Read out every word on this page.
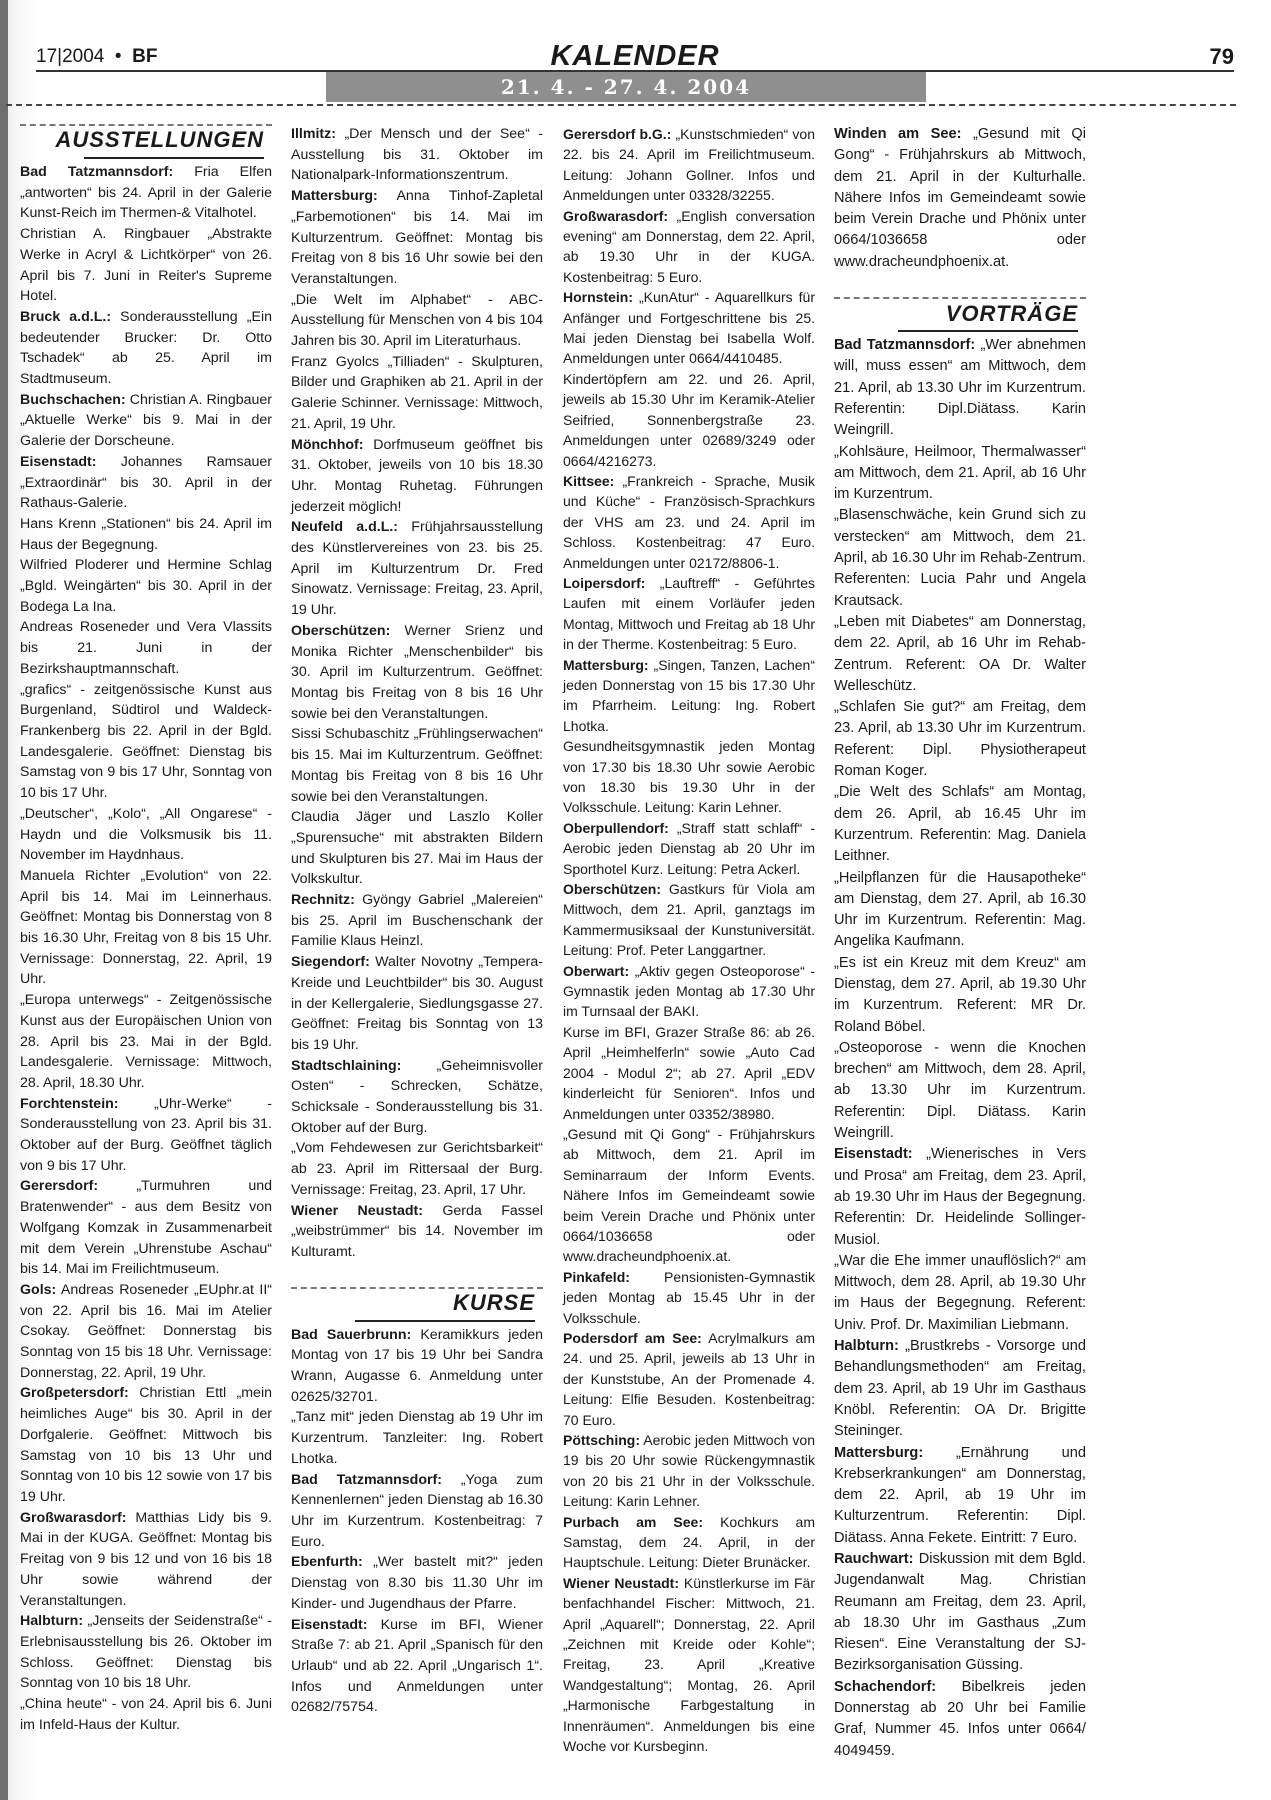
17|2004  •  BF	KALENDER	79
21. 4. - 27. 4. 2004
AUSSTELLUNGEN

Bad Tatzmannsdorf: Fria Elfen „antworten“ bis 24. April in der Galerie Kunst-Reich im Thermen-& Vitalhotel.

Christian A. Ringbauer „Abstrakte Werke in Acryl & Lichtkörper“ von 26. April bis 7. Juni in Reiter's Supreme Hotel.

Bruck a.d.L.: Sonderausstellung „Ein bedeutender Brucker: Dr. Otto Tschadek“ ab 25. April im Stadtmuseum.

Buchschachen: Christian A. Ringbauer „Aktuelle Werke“ bis 9. Mai in der Galerie der Dorscheune.

Eisenstadt: Johannes Ramsauer „Extraordinär“ bis 30. April in der Rathaus-Galerie.

Hans Krenn „Stationen“ bis 24. April im Haus der Begegnung.

Wilfried Ploderer und Hermine Schlag „Bgld. Weingärten“ bis 30. April in der Bodega La Ina.

Andreas Roseneder und Vera Vlassits bis 21. Juni in der Bezirkshauptmannschaft.

„grafics“ - zeitgenössische Kunst aus Burgenland, Südtirol und Waldeck-Frankenberg bis 22. April in der Bgld. Landesgalerie. Geöffnet: Dienstag bis Samstag von 9 bis 17 Uhr, Sonntag von 10 bis 17 Uhr.

„Deutscher“, „Kolo“, „All Ongarese“ - Haydn und die Volksmusik bis 11. November im Haydnhaus.

Manuela Richter „Evolution“ von 22. April bis 14. Mai im Leinnerhaus. Geöffnet: Montag bis Donnerstag von 8 bis 16.30 Uhr, Freitag von 8 bis 15 Uhr. Vernissage: Donnerstag, 22. April, 19 Uhr.

„Europa unterwegs“ - Zeitgenössische Kunst aus der Europäischen Union von 28. April bis 23. Mai in der Bgld. Landesgalerie. Vernissage: Mittwoch, 28. April, 18.30 Uhr.

Forchtenstein: „Uhr-Werke“ - Sonderausstellung von 23. April bis 31. Oktober auf der Burg. Geöffnet täglich von 9 bis 17 Uhr.

Gerersdorf:	„Turmuhren und Bratenwender“ - aus dem Besitz von Wolfgang Komzak in Zusammenarbeit mit dem Verein „Uhrenstube Aschau“ bis 14. Mai im Freilichtmuseum.

Gols: Andreas Roseneder „EUphr.at II“ von 22. April bis 16. Mai im Atelier Csokay. Geöffnet: Donnerstag bis Sonntag von 15 bis 18 Uhr. Vernissage: Donnerstag, 22. April, 19 Uhr.

Großpetersdorf: Christian Ettl „mein heimliches Auge“ bis 30. April in der Dorfgalerie. Geöffnet: Mittwoch bis Samstag von 10 bis 13 Uhr und Sonntag von 10 bis 12 sowie von 17 bis 19 Uhr.

Großwarasdorf: Matthias Lidy bis 9. Mai in der KUGA. Geöffnet: Montag bis Freitag von 9 bis 12 und von 16 bis 18 Uhr sowie während der Veranstaltungen.

Halbturn: „Jenseits der Seidenstraße“ - Erlebnisausstellung bis 26. Oktober im Schloss. Geöffnet: Dienstag bis Sonntag von 10 bis 18 Uhr.

„China heute“ - von 24. April bis 6. Juni im Infeld-Haus der Kultur.

Illmitz: „Der Mensch und der See“ - Ausstellung bis 31. Oktober im Nationalpark-Informationszentrum.

Mattersburg: Anna Tinhof-Zapletal „Farbemotionen“ bis 14. Mai im Kulturzentrum. Geöffnet: Montag bis Freitag von 8 bis 16 Uhr sowie bei den Veranstaltungen.

„Die Welt im Alphabet“ - ABC-Ausstellung für Menschen von 4 bis 104 Jahren bis 30. April im Literaturhaus.

Franz Gyolcs „Tilliaden“ - Skulpturen, Bilder und Graphiken ab 21. April in der Galerie Schinner. Vernissage: Mittwoch, 21. April, 19 Uhr.

Mönchhof: Dorfmuseum geöffnet bis 31. Oktober, jeweils von 10 bis 18.30 Uhr. Montag Ruhetag. Führungen jederzeit möglich!

Neufeld a.d.L.: Frühjahrsausstellung des Künstlervereines von 23. bis 25. April im Kulturzentrum Dr. Fred Sinowatz. Vernissage: Freitag, 23. April, 19 Uhr.

Oberschützen: Werner Srienz und Monika Richter „Menschenbilder“ bis 30. April im Kulturzentrum. Geöffnet: Montag bis Freitag von 8 bis 16 Uhr sowie bei den Veranstaltungen.

Sissi Schubaschitz „Frühlingserwachen“ bis 15. Mai im Kulturzentrum. Geöffnet: Montag bis Freitag von 8 bis 16 Uhr sowie bei den Veranstaltungen.

Claudia Jäger und Laszlo Koller „Spurensuche“ mit abstrakten Bildern und Skulpturen bis 27. Mai im Haus der Volkskultur.

Rechnitz: Gyöngy Gabriel „Malereien“ bis 25. April im Buschenschank der Familie Klaus Heinzl.

Siegendorf: Walter Novotny „Tempera-Kreide und Leuchtbilder“ bis 30. August in der Kellergalerie, Siedlungsgasse 27. Geöffnet: Freitag bis Sonntag von 13 bis 19 Uhr.

Stadtschlaining: „Geheimnisvoller Osten“ - Schrecken, Schätze, Schicksale - Sonderausstellung bis 31. Oktober auf der Burg.

„Vom Fehdewesen zur Gerichtsbarkeit“ ab 23. April im Rittersaal der Burg. Vernissage: Freitag, 23. April, 17 Uhr.

Wiener Neustadt: Gerda Fassel „weibstrümmer“ bis 14. November im Kulturamt.

KURSE

Bad Sauerbrunn: Keramikkurs jeden Montag von 17 bis 19 Uhr bei Sandra Wrann, Augasse 6. Anmeldung unter 02625/32701.

„Tanz mit“ jeden Dienstag ab 19 Uhr im Kurzentrum. Tanzleiter: Ing. Robert Lhotka.

Bad Tatzmannsdorf: „Yoga zum Kennenlernen“ jeden Dienstag ab 16.30 Uhr im Kurzentrum. Kostenbeitrag: 7 Euro.

Ebenfurth: „Wer bastelt mit?“ jeden Dienstag von 8.30 bis 11.30 Uhr im Kinder- und Jugendhaus der Pfarre.

Eisenstadt: Kurse im BFI, Wiener Straße 7: ab 21. April „Spanisch für den Urlaub“ und ab 22. April „Ungarisch 1“. Infos und Anmeldungen unter 02682/75754.

Gerersdorf b.G.: „Kunstschmieden“ von 22. bis 24. April im Freilichtmuseum. Leitung: Johann Gollner. Infos und Anmeldungen unter 03328/32255.

Großwarasdorf: „English conversation evening“ am Donnerstag, dem 22. April, ab 19.30 Uhr in der KUGA. Kostenbeitrag: 5 Euro.

Hornstein: „KunAtur“ - Aquarellkurs für Anfänger und Fortgeschrittene bis 25. Mai jeden Dienstag bei Isabella Wolf. Anmeldungen unter 0664/4410485.

Kindertöpfern am 22. und 26. April, jeweils ab 15.30 Uhr im Keramik-Atelier Seifried, Sonnenbergstraße 23. Anmeldungen unter 02689/3249 oder 0664/4216273.

Kittsee: „Frankreich - Sprache, Musik und Küche“ - Französisch-Sprachkurs der VHS am 23. und 24. April im Schloss. Kostenbeitrag: 47 Euro. Anmeldungen unter 02172/8806-1.

Loipersdorf: „Lauftreff“ - Geführtes Laufen mit einem Vorläufer jeden Montag, Mittwoch und Freitag ab 18 Uhr in der Therme. Kostenbeitrag: 5 Euro.

Mattersburg: „Singen, Tanzen, Lachen“ jeden Donnerstag von 15 bis 17.30 Uhr im Pfarrheim. Leitung: Ing. Robert Lhotka.

Gesundheitsgymnastik jeden Montag von 17.30 bis 18.30 Uhr sowie Aerobic von 18.30 bis 19.30 Uhr in der Volksschule. Leitung: Karin Lehner.

Oberpullendorf: „Straff statt schlaff“ - Aerobic jeden Dienstag ab 20 Uhr im Sporthotel Kurz. Leitung: Petra Ackerl.

Oberschützen: Gastkurs für Viola am Mittwoch, dem 21. April, ganztags im Kammermusiksaal der Kunstuniversität. Leitung: Prof. Peter Langgartner.

Oberwart: „Aktiv gegen Osteoporose“ - Gymnastik jeden Montag ab 17.30 Uhr im Turnsaal der BAKI.

Kurse im BFI, Grazer Straße 86: ab 26. April „Heimhelferln“ sowie „Auto Cad 2004 - Modul 2“; ab 27. April „EDV kinderleicht für Senioren“. Infos und Anmeldungen unter 03352/38980.

„Gesund mit Qi Gong“ - Frühjahrskurs ab Mittwoch, dem 21. April im Seminarraum der Inform Events. Nähere Infos im Gemeindeamt sowie beim Verein Drache und Phönix unter 0664/1036658 oder www.dracheundphoenix.at.

Pinkafeld: Pensionisten-Gymnastik jeden Montag ab 15.45 Uhr in der Volksschule.

Podersdorf am See: Acrylmalkurs am 24. und 25. April, jeweils ab 13 Uhr in der Kunststube, An der Promenade 4. Leitung: Elfie Besuden. Kostenbeitrag: 70 Euro.

Pöttsching: Aerobic jeden Mittwoch von 19 bis 20 Uhr sowie Rückengymnastik von 20 bis 21 Uhr in der Volksschule. Leitung: Karin Lehner.

Purbach am See: Kochkurs am Samstag, dem 24. April, in der Hauptschule. Leitung: Dieter Brunäcker.

Wiener Neustadt: Künstlerkurse im Fär benfachhandel Fischer: Mittwoch, 21. April „Aquarell“; Donnerstag, 22. April „Zeichnen mit Kreide oder Kohle“; Freitag, 23. April „Kreative Wandgestaltung“; Montag, 26. April „Harmonische Farbgestaltung in Innenräumen“. Anmeldungen bis eine Woche vor Kursbeginn.

Winden am See: „Gesund mit Qi Gong“ - Frühjahrskurs ab Mittwoch, dem 21. April in der Kulturhalle. Nähere Infos im Gemeindeamt sowie beim Verein Drache und Phönix unter 0664/1036658 oder www.dracheundphoenix.at.

VORTRÄGE

Bad Tatzmannsdorf: „Wer abnehmen will, muss essen“ am Mittwoch, dem 21. April, ab 13.30 Uhr im Kurzentrum. Referentin: Dipl.Diätass. Karin Weingrill.

„Kohlsäure, Heilmoor, Thermalwasser“ am Mittwoch, dem 21. April, ab 16 Uhr im Kurzentrum.

„Blasenschwäche, kein Grund sich zu verstecken“ am Mittwoch, dem 21. April, ab 16.30 Uhr im Rehab-Zentrum. Referenten: Lucia Pahr und Angela Krautsack.

„Leben mit Diabetes“ am Donnerstag, dem 22. April, ab 16 Uhr im Rehab-Zentrum. Referent: OA Dr. Walter Welleschütz.

„Schlafen Sie gut?“ am Freitag, dem 23. April, ab 13.30 Uhr im Kurzentrum. Referent: Dipl. Physiotherapeut Roman Koger.

„Die Welt des Schlafs“ am Montag, dem 26. April, ab 16.45 Uhr im Kurzentrum. Referentin: Mag. Daniela Leithner.

„Heilpflanzen für die Hausapotheke“ am Dienstag, dem 27. April, ab 16.30 Uhr im Kurzentrum. Referentin: Mag. Angelika Kaufmann.

„Es ist ein Kreuz mit dem Kreuz“ am Dienstag, dem 27. April, ab 19.30 Uhr im Kurzentrum. Referent: MR Dr. Roland Böbel.

„Osteoporose - wenn die Knochen brechen“ am Mittwoch, dem 28. April, ab 13.30 Uhr im Kurzentrum. Referentin: Dipl. Diätass. Karin Weingrill.

Eisenstadt: „Wienerisches in Vers und Prosa“ am Freitag, dem 23. April, ab 19.30 Uhr im Haus der Begegnung. Referentin: Dr. Heidelinde Sollinger-Musiol.

„War die Ehe immer unauflöslich?“ am Mittwoch, dem 28. April, ab 19.30 Uhr im Haus der Begegnung. Referent: Univ. Prof. Dr. Maximilian Liebmann.

Halbturn: „Brustkrebs - Vorsorge und Behandlungsmethoden“ am Freitag, dem 23. April, ab 19 Uhr im Gasthaus Knöbl. Referentin: OA Dr. Brigitte Steininger.

Mattersburg: „Ernährung und Krebserkrankungen“ am Donnerstag, dem 22. April, ab 19 Uhr im Kulturzentrum. Referentin: Dipl. Diätass. Anna Fekete. Eintritt: 7 Euro.

Rauchwart: Diskussion mit dem Bgld. Jugendanwalt Mag. Christian Reumann am Freitag, dem 23. April, ab 18.30 Uhr im Gasthaus „Zum Riesen“. Eine Veranstaltung der SJ-Bezirksorganisation Güssing.

Schachendorf: Bibelkreis jeden Donnerstag ab 20 Uhr bei Familie Graf, Nummer 45. Infos unter 0664/ 4049459.
